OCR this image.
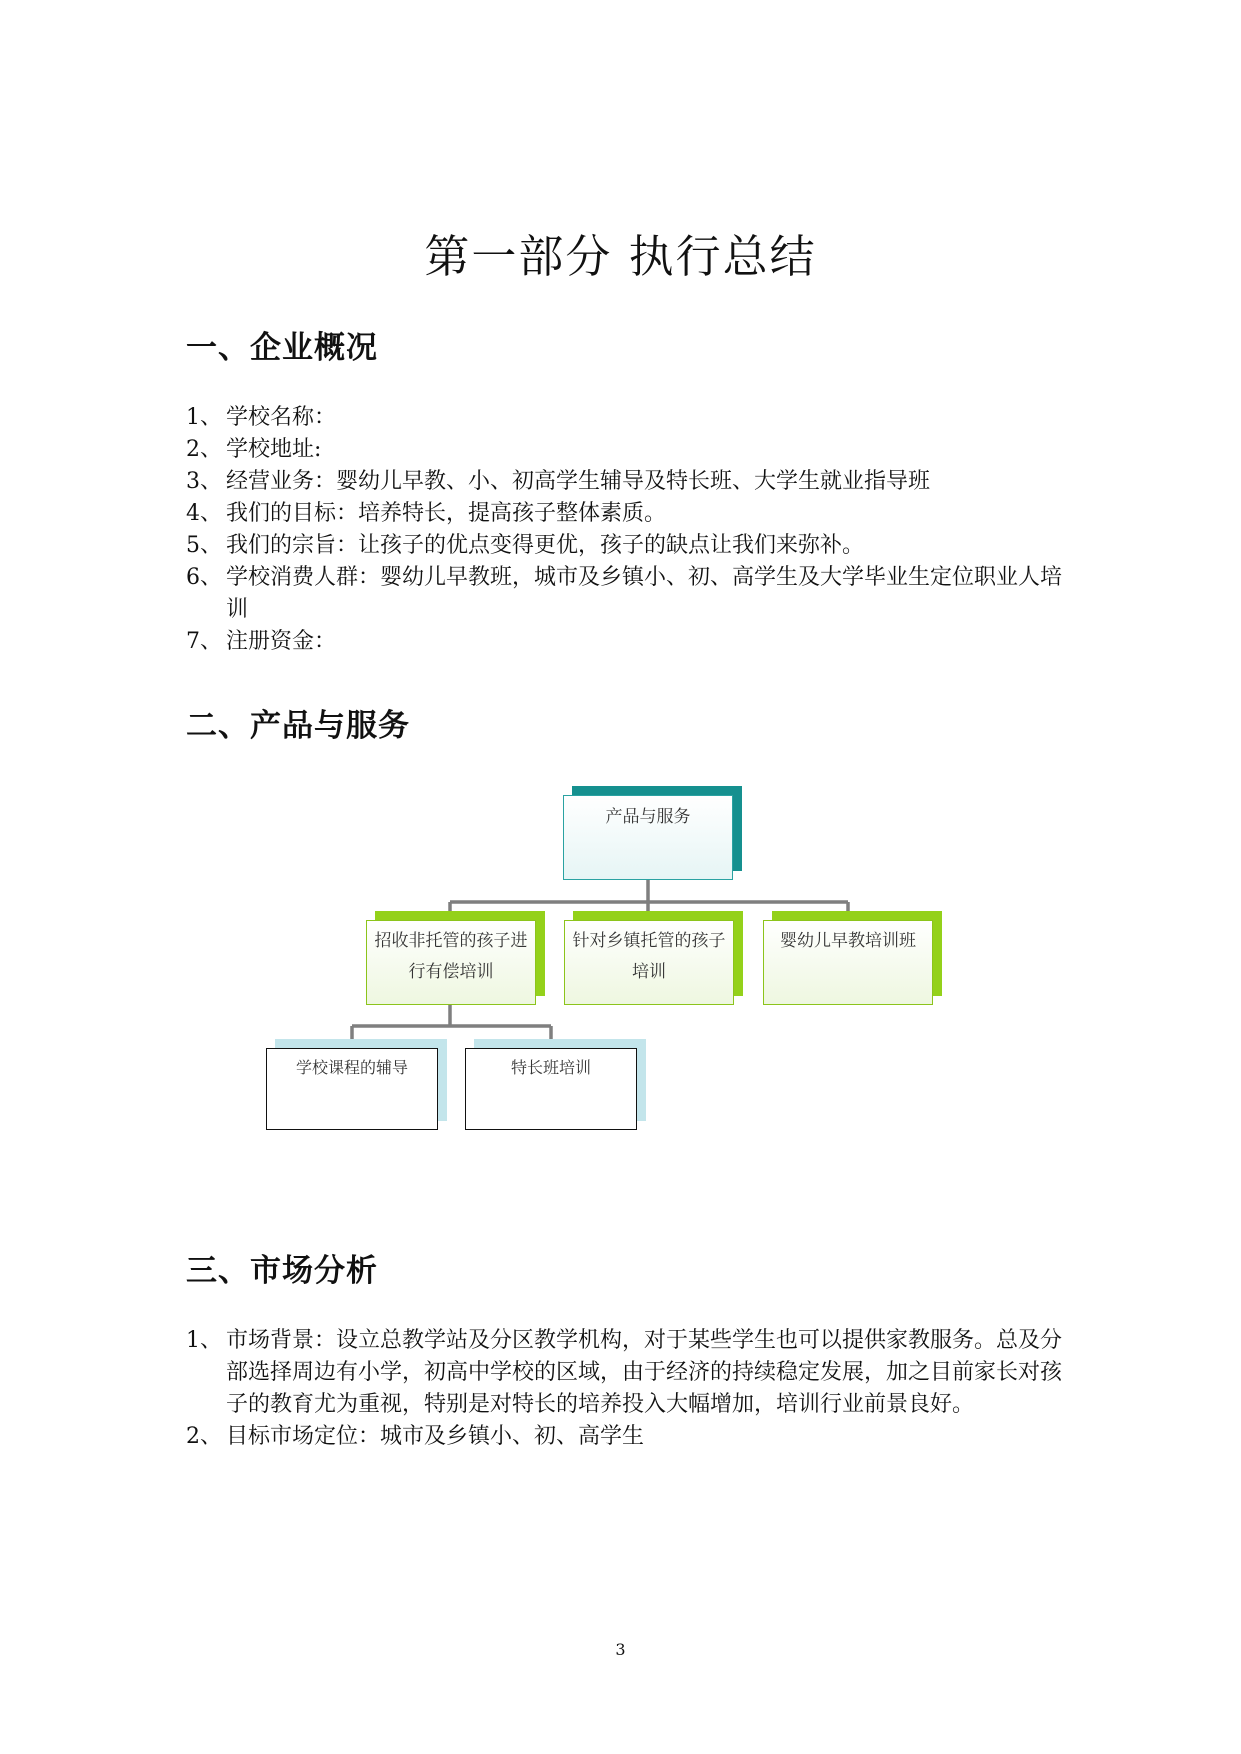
第一部分 执行总结
一、企业概况
1、 学校名称：
2、 学校地址:
3、 经营业务：婴幼儿早教、小、初高学生辅导及特长班、大学生就业指导班
4、 我们的目标：培养特长，提高孩子整体素质。
5、 我们的宗旨：让孩子的优点变得更优，孩子的缺点让我们来弥补。
6、 学校消费人群：婴幼儿早教班，城市及乡镇小、初、高学生及大学毕业生定位职业人培训
7、 注册资金：
二、产品与服务
产品与服务
招收非托管的孩子进行有偿培训
针对乡镇托管的孩子培训
婴幼儿早教培训班
学校课程的辅导	特长班培训
三、市场分析
1、 市场背景：设立总教学站及分区教学机构，对于某些学生也可以提供家教服务。总及分部选择周边有小学，初高中学校的区域，由于经济的持续稳定发展，加之目前家长对孩子的教育尤为重视，特别是对特长的培养投入大幅增加，培训行业前景良好。
2、 目标市场定位：城市及乡镇小、初、高学生
3
